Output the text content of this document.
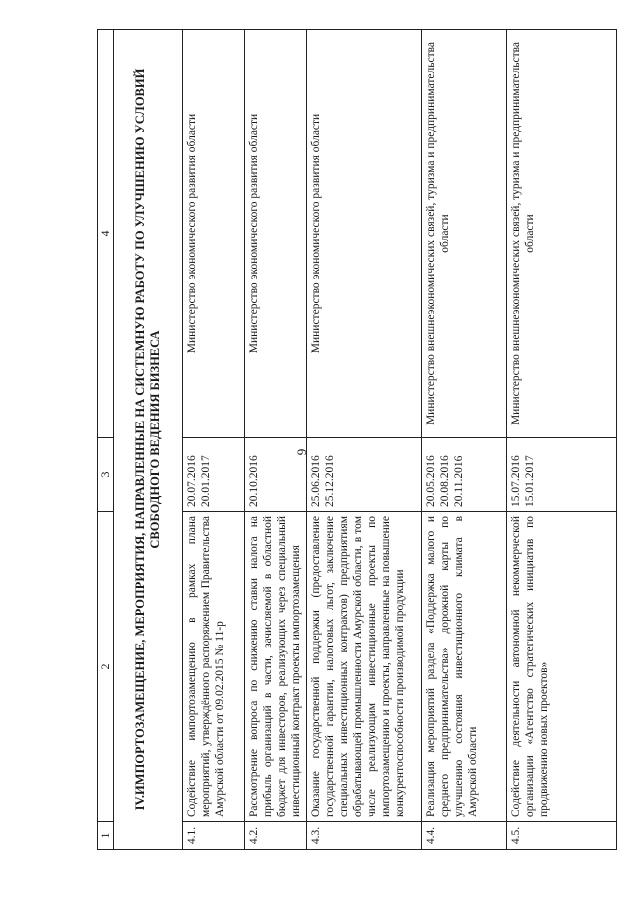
9
1	2	3	4
IV.ИМПОРТОЗАМЕЩЕНИЕ, МЕРОПРИЯТИЯ, НАПРАВЛЕННЫЕ НА СИСТЕМНУЮ РАБОТУ ПО УЛУЧШЕНИЮ УСЛОВИЙ СВОБОДНОГО ВЕДЕНИЯ БИЗНЕСА			
4.1.	Содействие импортозамещению в рамках плана мероприятий, утверждённого распоряжением Правительства Амурской области от 09.02.2015 № 11-р	20.07.2016 20.01.2017	Министерство экономического развития области
4.2.	Рассмотрение вопроса по снижению ставки налога на прибыль организаций в части, зачисляемой в областной бюджет для инвесторов, реализующих через специальный инвестиционный контракт проекты импортозамещения	20.10.2016	Министерство экономического развития области
4.3.	Оказание государственной поддержки (предоставление государственной гарантии, налоговых льгот, заключение специальных инвестиционных контрактов) предприятиям обрабатывающей промышленности Амурской области, в том числе реализующим инвестиционные проекты по импортозамещению и проекты, направленные на повышение конкурентоспособности производимой продукции	25.06.2016 25.12.2016	Министерство экономического развития области
4.4.	Реализация мероприятий раздела «Поддержка малого и среднего предпринимательства» дорожной карты по улучшению состояния инвестиционного климата в Амурской области	20.05.2016 20.08.2016 20.11.2016	Министерство внешнеэкономических связей, туризма и предпринимательства области
4.5.	Содействие деятельности автономной некоммерческой организации «Агентство стратегических инициатив по продвижению новых проектов»	15.07.2016 15.01.2017	Министерство внешнеэкономических связей, туризма и предпринимательства области
